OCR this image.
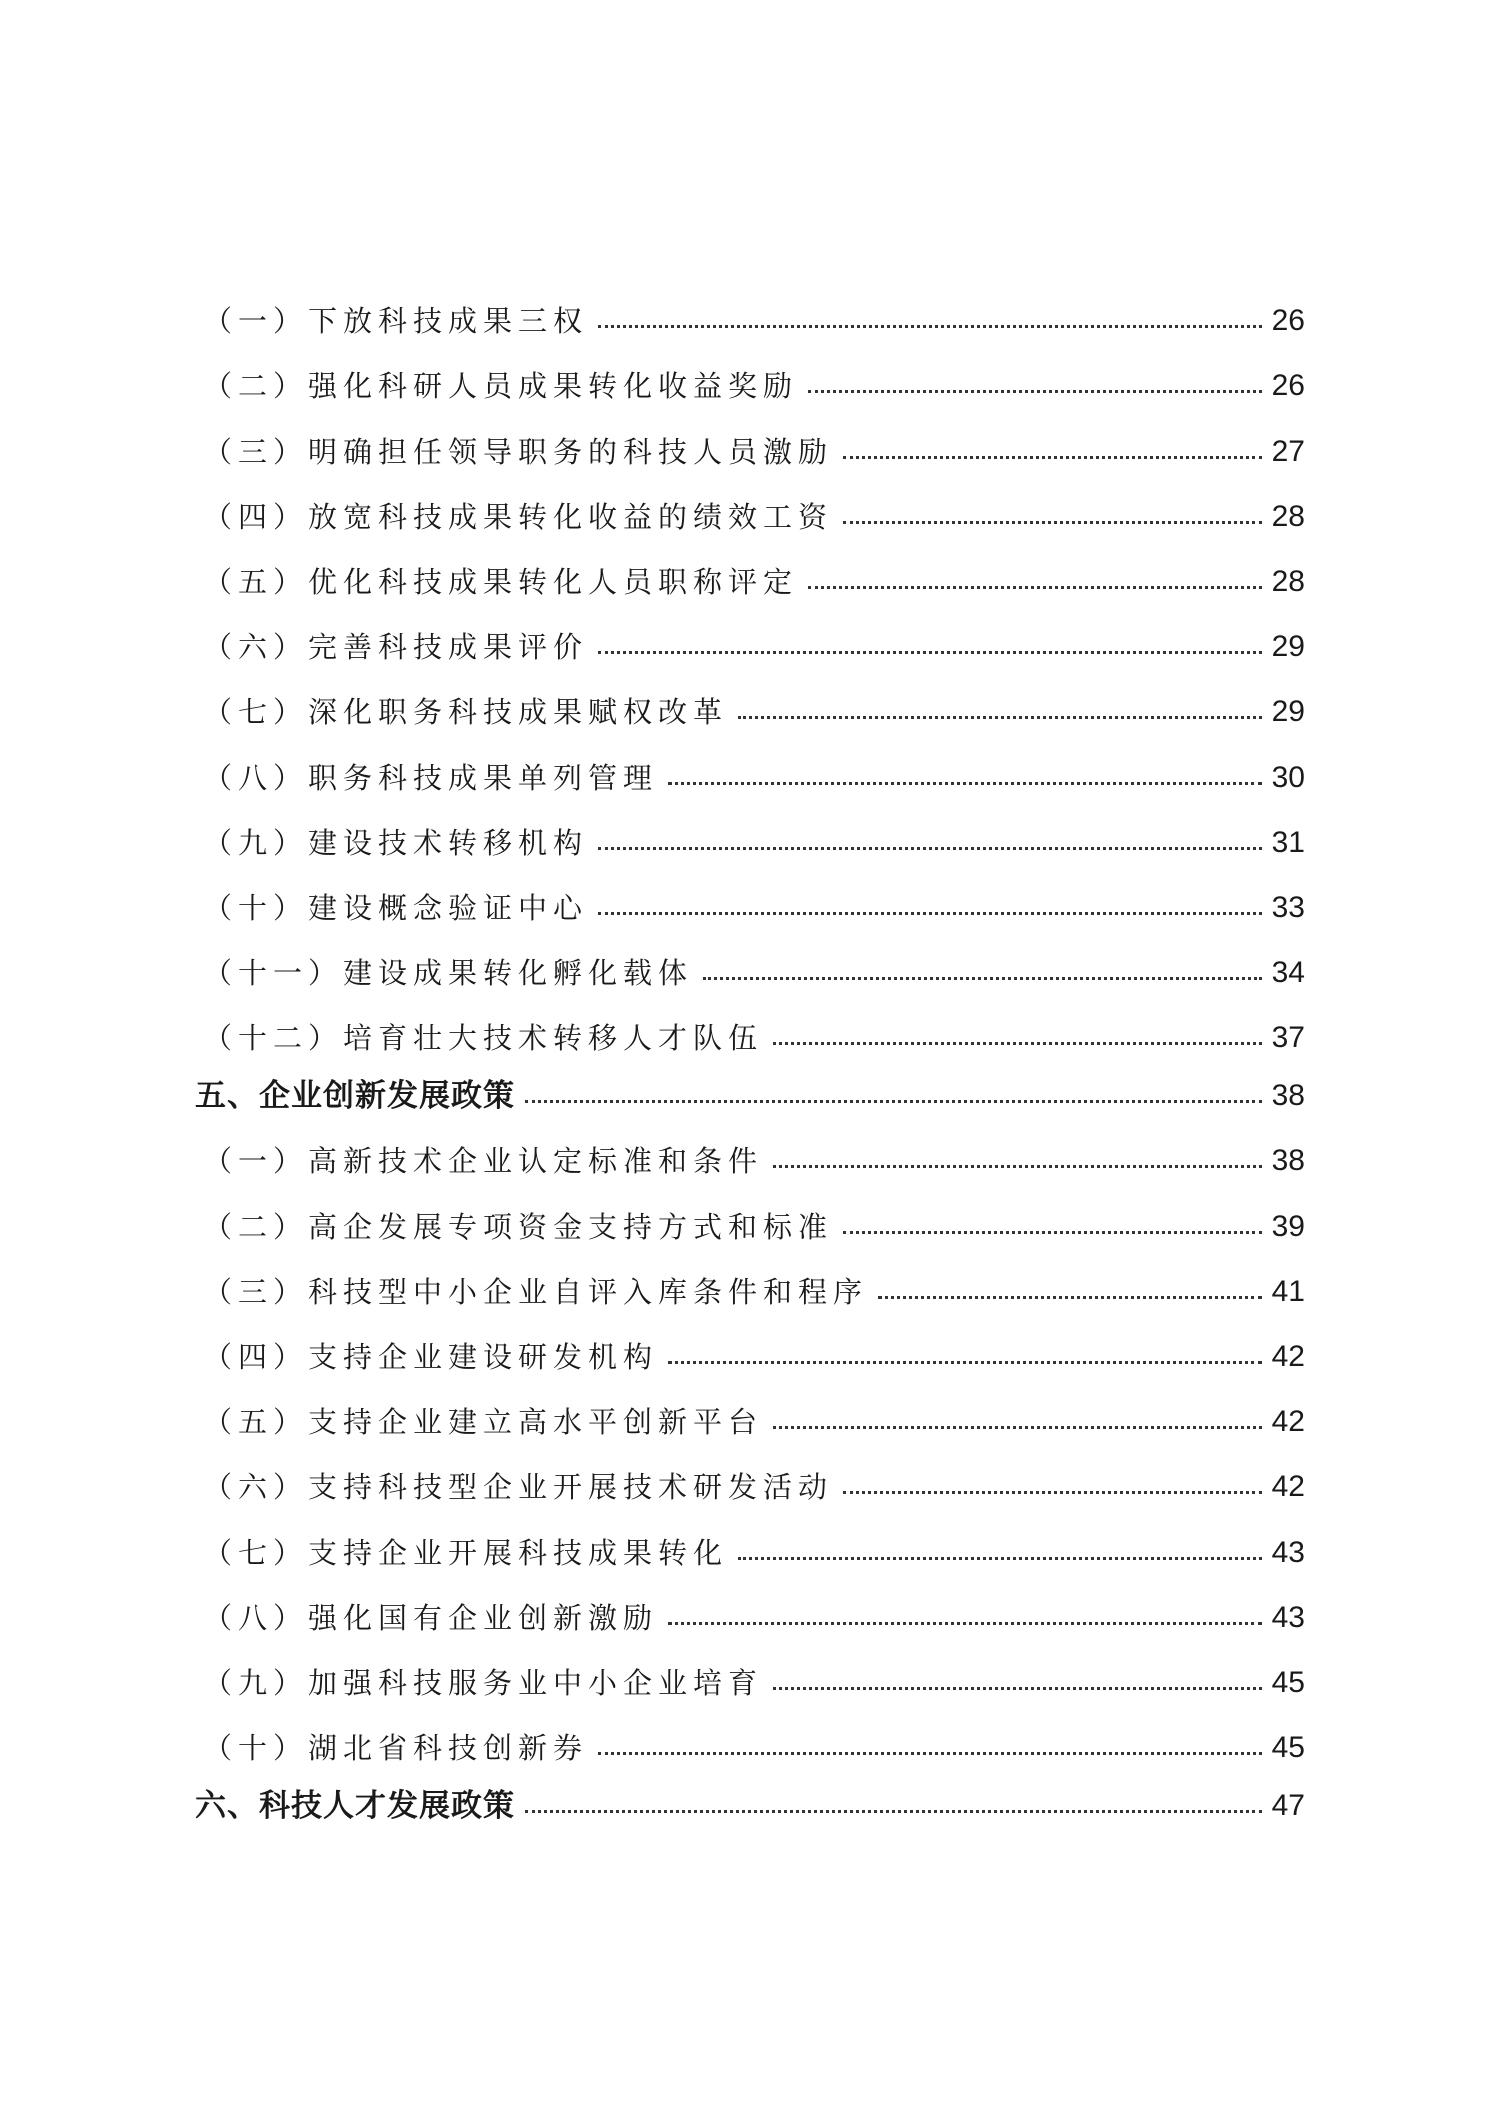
（一）下放科技成果三权	26
（二）强化科研人员成果转化收益奖励	26
（三）明确担任领导职务的科技人员激励	27
（四）放宽科技成果转化收益的绩效工资	28
（五）优化科技成果转化人员职称评定	28
（六）完善科技成果评价	29
（七）深化职务科技成果赋权改革	29
（八）职务科技成果单列管理	30
（九）建设技术转移机构	31
（十）建设概念验证中心	33
（十一）建设成果转化孵化载体	34
（十二）培育壮大技术转移人才队伍	37
五、企业创新发展政策	38
（一）高新技术企业认定标准和条件	38
（二）高企发展专项资金支持方式和标准	39
（三）科技型中小企业自评入库条件和程序	41
（四）支持企业建设研发机构	42
（五）支持企业建立高水平创新平台	42
（六）支持科技型企业开展技术研发活动	42
（七）支持企业开展科技成果转化	43
（八）强化国有企业创新激励	43
（九）加强科技服务业中小企业培育	45
（十）湖北省科技创新券	45
六、科技人才发展政策	47
